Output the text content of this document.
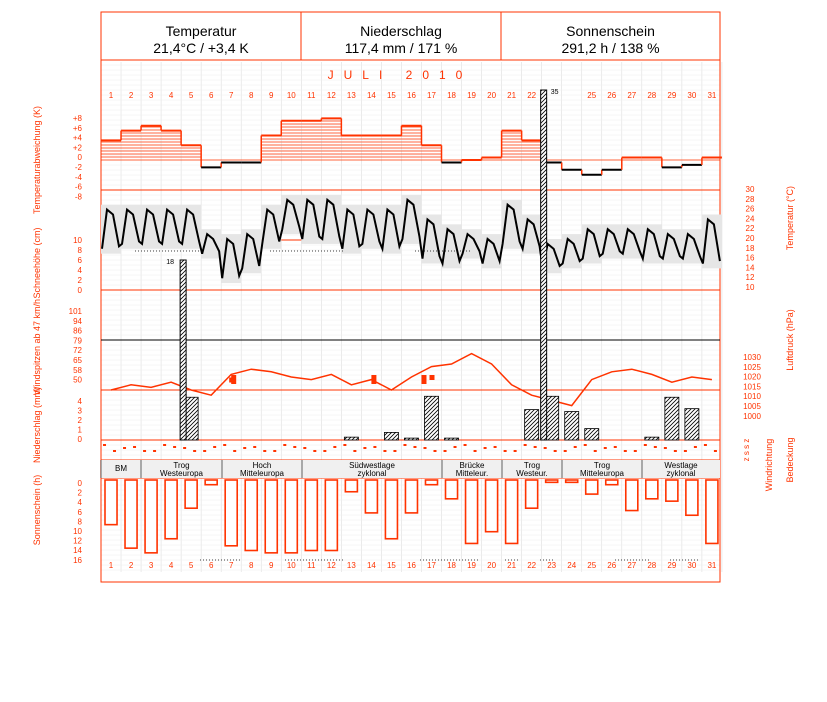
Temperatur
21,4°C / +3,4 K
Niederschlag
117,4 mm / 171 %
Sonnenschein
291,2 h / 138 %
JULI 2010
1
1
2
2
3
3
4
4
5
5
6
6
7
7
8
8
9
9
10
10
11
11
12
12
13
13
14
14
15
15
16
16
17
17
18
18
19
19
20
20
21
21
22
22 23 24
25
25
26
26
27
27
28
28
29
29
30
30
31
31
+8
+6
+4
+2
0
-2
-4
-6
-8
10
8
6
4
2
0
101
94
86
79
72
65
58
50
4
3
2
1
0
0
2
4
6
8
10
12
14
16
30
28
26
24
22
20
18
16
14
12
10
1030
1025
1020
1015
1010
1005
1000
Temperaturabweichung (K)
Schneehöhe (cm)
Windspitzen ab 47 km/h
Niederschlag (mm)
Sonnenschein (h)
Temperatur (°C)
Luftdruck (hPa)
Windrichtung Bedeckung
z s s z
18
35
BM	Trog
Westeuropa
Hoch
Mitteleuropa
Südwestlage
zyklonal
Brücke
Mitteleur.
Trog
Westeur.
Trog
Mitteleuropa
Westlage
zyklonal
